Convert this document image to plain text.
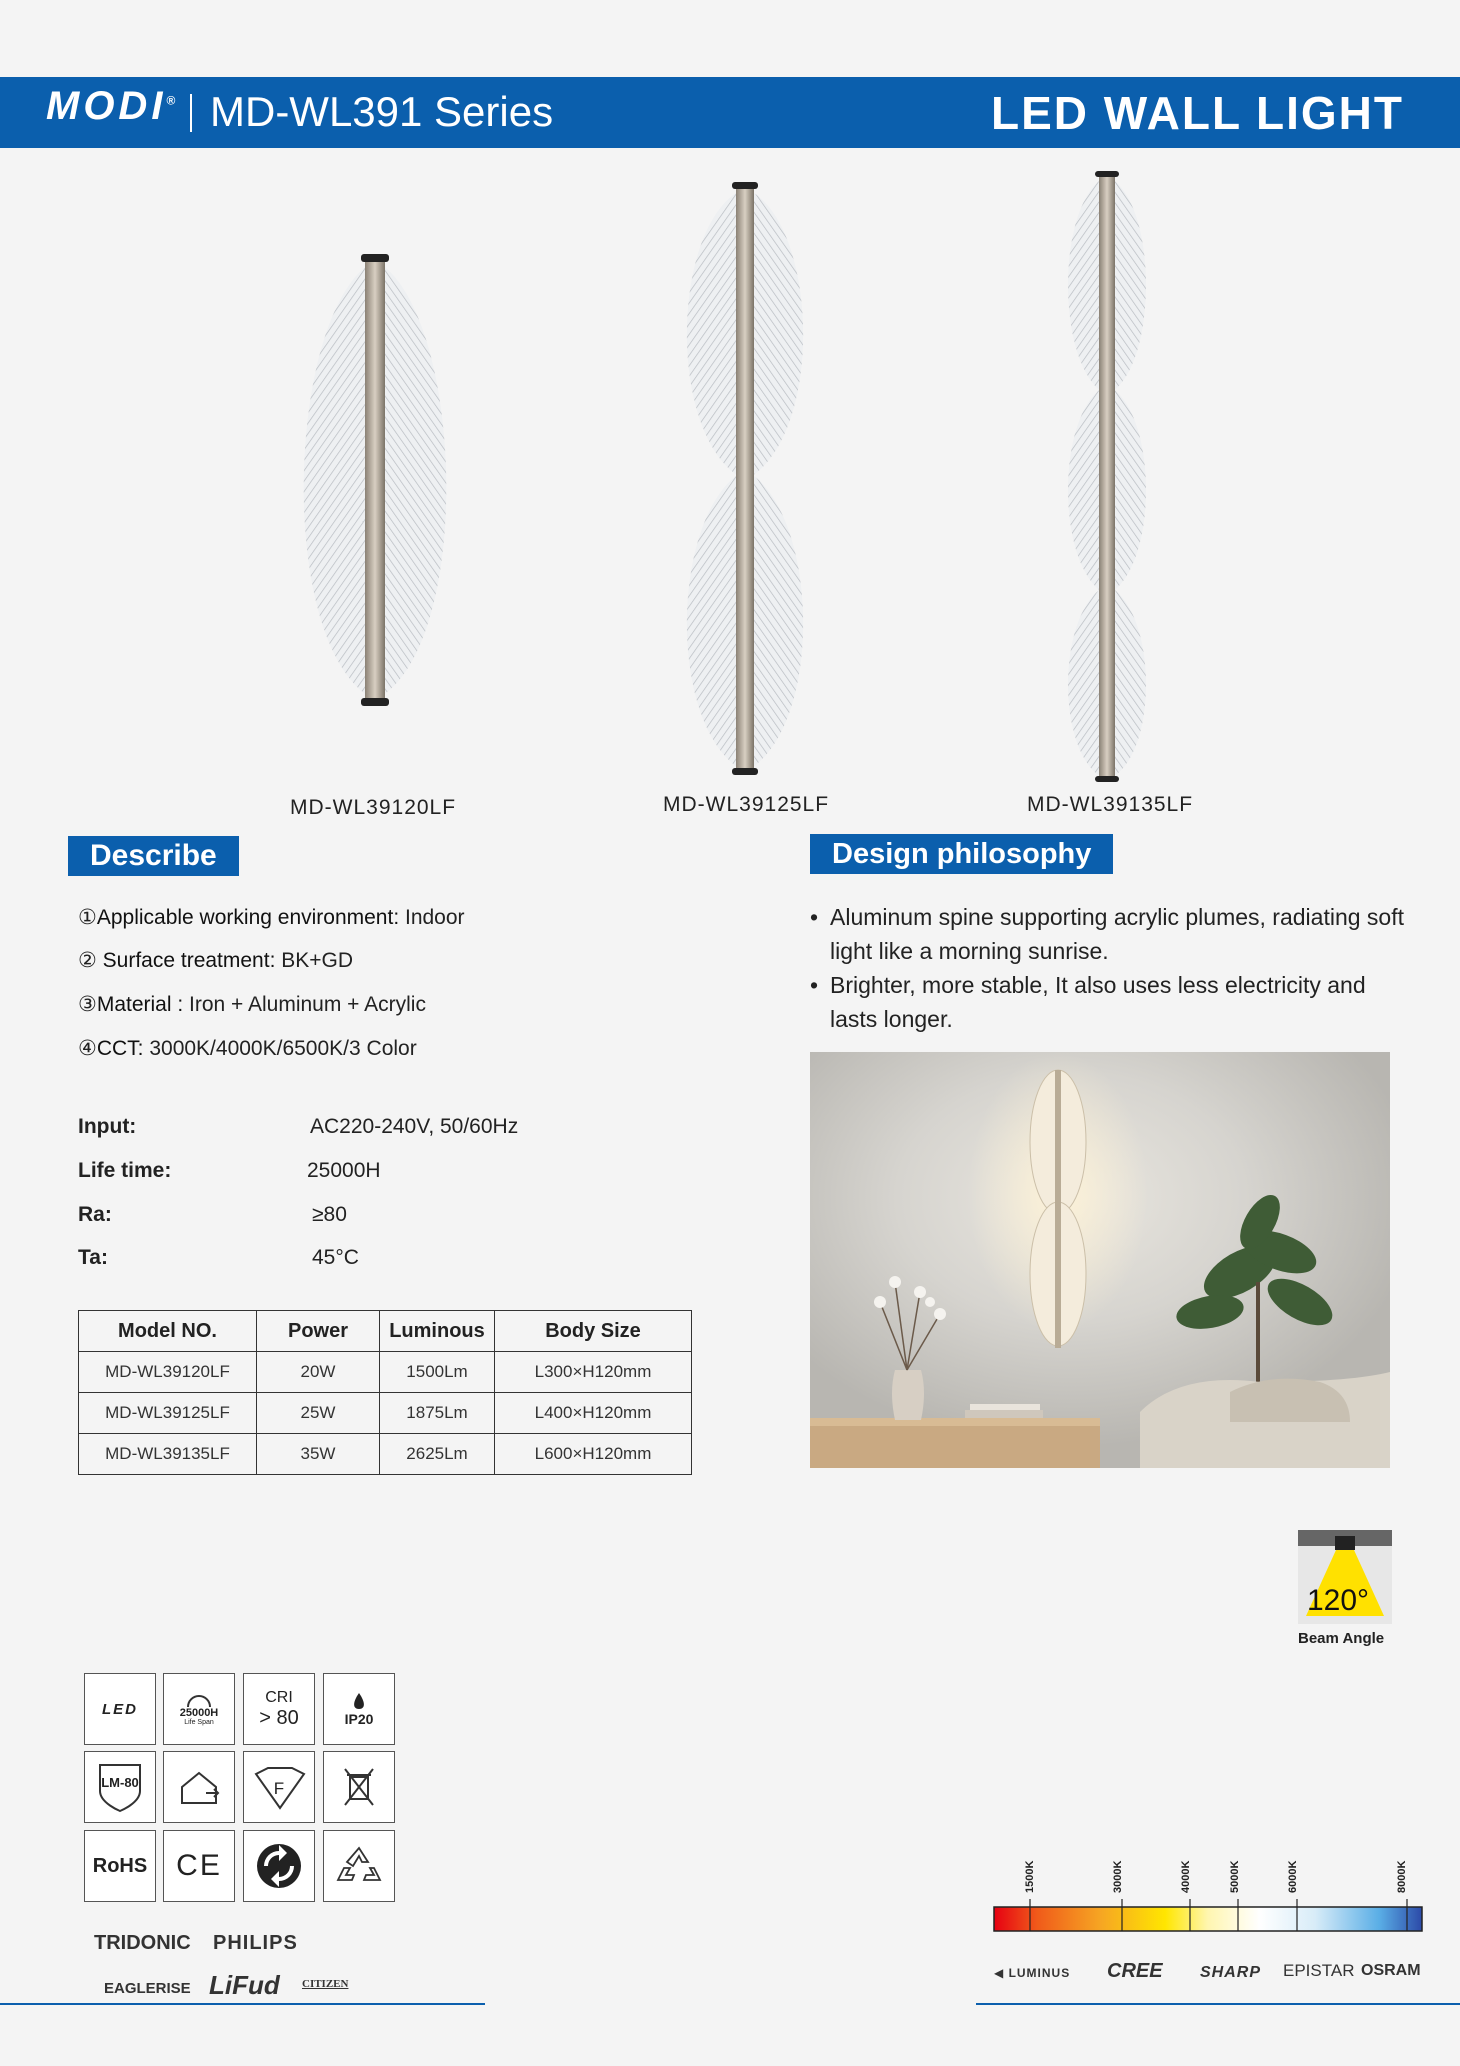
MODI® MD-WL391 Series	LED WALL LIGHT
MD-WL39120LF	MD-WL39125LF	MD-WL39135LF
Describe
①Applicable working environment: Indoor
② Surface treatment: BK+GD
③Material : Iron + Aluminum + Acrylic
④CCT: 3000K/4000K/6500K/3 Color
Input:	AC220-240V, 50/60Hz
Life time:	25000H
Ra:	≥80
Ta:	45°C
Model NO.	Power	Luminous	Body Size
MD-WL39120LF	20W	1500Lm	L300×H120mm
MD-WL39125LF	25W	1875Lm	L400×H120mm
MD-WL39135LF	35W	2625Lm	L600×H120mm
Design philosophy
• Aluminum spine supporting acrylic plumes, radiating soft light like a morning sunrise.
• Brighter, more stable, It also uses less electricity and lasts longer.
120°
Beam Angle
LED	25000H
Life Span
CRI
> 80	IP20
LM-80	F
RoHS CE
TRIDONIC PHILIPS
EAGLERISE LiFud CITIZEN
1500K	3000K	4000K	5000K	6000K	8000K
◀ LUMINUS CREE SHARP EPISTAR OSRAM
